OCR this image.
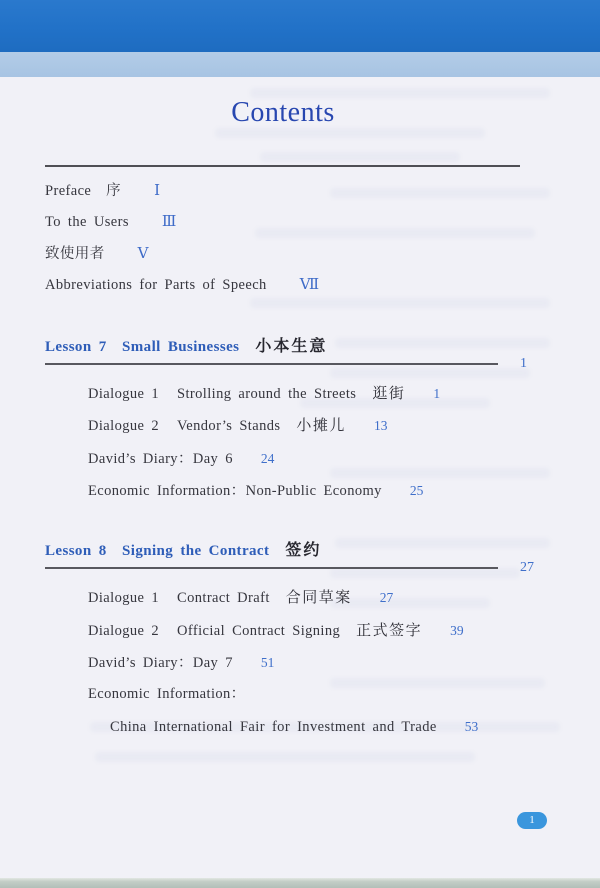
Contents
Preface　序 Ⅰ
To the Users Ⅲ
致使用者 Ⅴ
Abbreviations for Parts of Speech Ⅶ
Lesson 7　Small Businesses 小本生意
1
Dialogue 1 Strolling around the Streets 逛街 1
Dialogue 2 Vendor’s Stands 小摊儿 13
David’s Diary：Day 6 24
Economic Information：Non-Public Economy 25
Lesson 8　Signing the Contract 签约
27
Dialogue 1 Contract Draft 合同草案 27
Dialogue 2 Official Contract Signing 正式签字 39
David’s Diary：Day 7 51
Economic Information：
China International Fair for Investment and Trade 53
1
